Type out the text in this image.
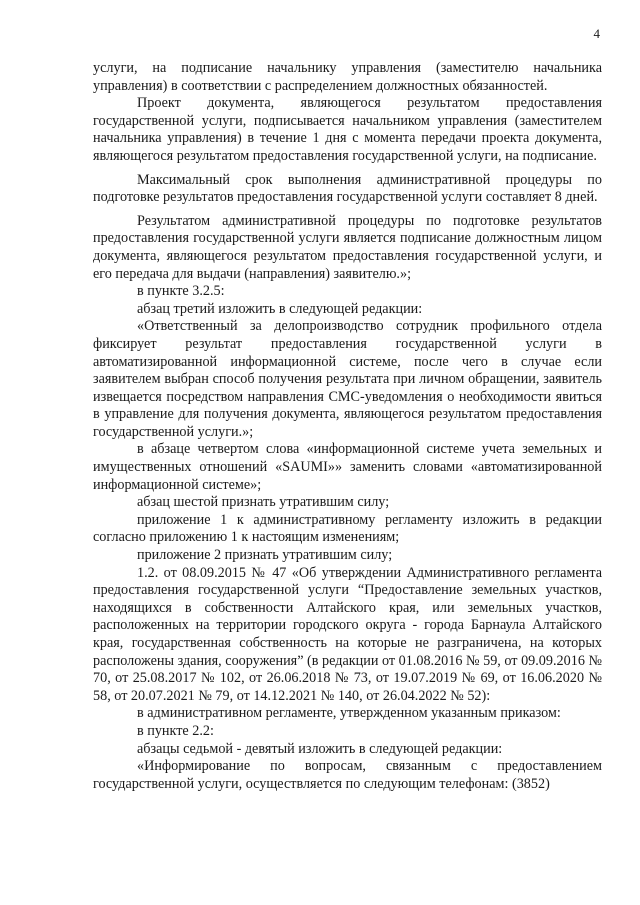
4

услуги, на подписание начальнику управления (заместителю начальника управления) в соответствии с распределением должностных обязанностей.

Проект документа, являющегося результатом предоставления государственной услуги, подписывается начальником управления (заместителем начальника управления) в течение 1 дня с момента передачи проекта документа, являющегося результатом предоставления государственной услуги, на подписание.

Максимальный срок выполнения административной процедуры по подготовке результатов предоставления государственной услуги составляет 8 дней.

Результатом административной процедуры по подготовке результатов предоставления государственной услуги является подписание должностным лицом документа, являющегося результатом предоставления государственной услуги, и его передача для выдачи (направления) заявителю.»;

в пункте 3.2.5:

абзац третий изложить в следующей редакции:

«Ответственный за делопроизводство сотрудник профильного отдела фиксирует результат предоставления государственной услуги в автоматизированной информационной системе, после чего в случае если заявителем выбран способ получения результата при личном обращении, заявитель извещается посредством направления СМС-уведомления о необходимости явиться в управление для получения документа, являющегося результатом предоставления государственной услуги.»;

в абзаце четвертом слова «информационной системе учета земельных и имущественных отношений «SAUMI»» заменить словами «автоматизированной информационной системе»;

абзац шестой признать утратившим силу;

приложение 1 к административному регламенту изложить в редакции согласно приложению 1 к настоящим изменениям;

приложение 2 признать утратившим силу;

1.2. от 08.09.2015 № 47 «Об утверждении Административного регламента предоставления государственной услуги “Предоставление земельных участков, находящихся в собственности Алтайского края, или земельных участков, расположенных на территории городского округа - города Барнаула Алтайского края, государственная собственность на которые не разграничена, на которых расположены здания, сооружения” (в редакции от 01.08.2016 № 59, от 09.09.2016 № 70, от 25.08.2017 № 102, от 26.06.2018 № 73, от 19.07.2019 № 69, от 16.06.2020 № 58, от 20.07.2021 № 79, от 14.12.2021 № 140, от 26.04.2022 № 52):

в административном регламенте, утвержденном указанным приказом:

в пункте 2.2:

абзацы седьмой - девятый изложить в следующей редакции:

«Информирование по вопросам, связанным с предоставлением государственной услуги, осуществляется по следующим телефонам: (3852)
